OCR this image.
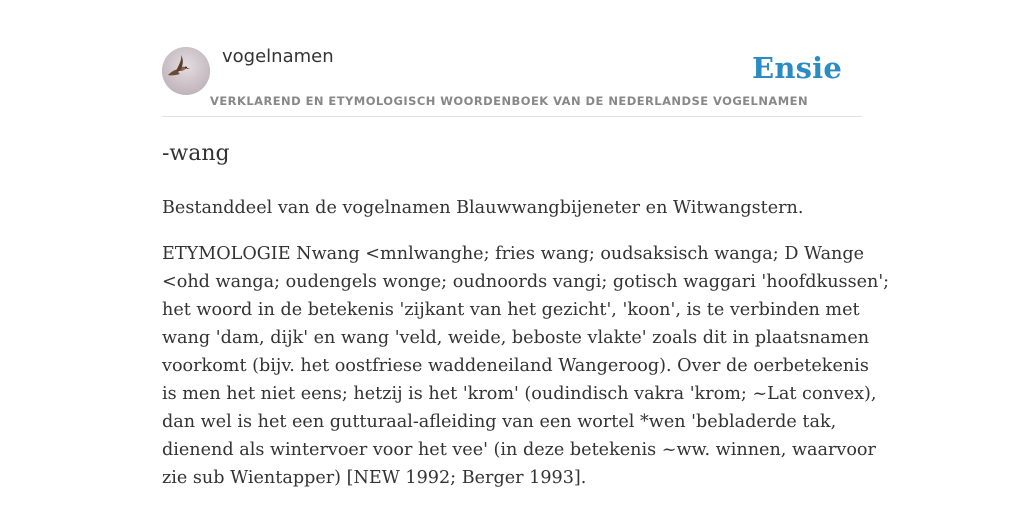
vogelnamen	Ensie
VERKLAREND EN ETYMOLOGISCH WOORDENBOEK VAN DE NEDERLANDSE VOGELNAMEN
-wang

Bestanddeel van de vogelnamen Blauwwangbijeneter en Witwangstern.

ETYMOLOGIE Nwang <mnlwanghe; fries wang; oudsaksisch wanga; D Wange
<ohd wanga; oudengels wonge; oudnoords vangi; gotisch waggari 'hoofdkussen';
het woord in de betekenis 'zijkant van het gezicht', 'koon', is te verbinden met
wang 'dam, dijk' en wang 'veld, weide, beboste vlakte' zoals dit in plaatsnamen
voorkomt (bijv. het oostfriese waddeneiland Wangeroog). Over de oerbetekenis
is men het niet eens; hetzij is het 'krom' (oudindisch vakra 'krom; ~Lat convex),
dan wel is het een gutturaal-afleiding van een wortel *wen 'bebladerde tak,
dienend als wintervoer voor het vee' (in deze betekenis ~ww. winnen, waarvoor
zie sub Wientapper) [NEW 1992; Berger 1993].
